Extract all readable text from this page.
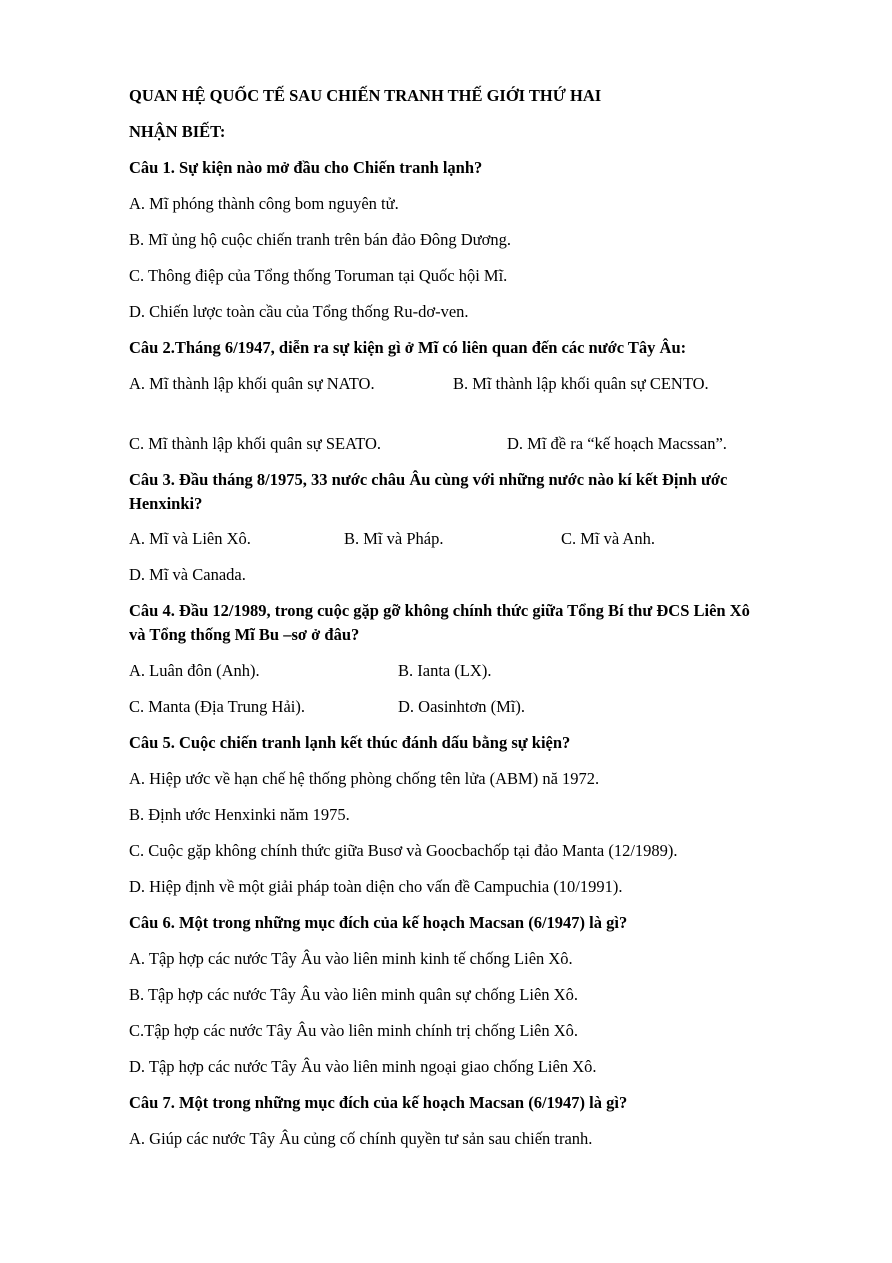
QUAN HỆ QUỐC TẾ SAU CHIẾN TRANH THẾ GIỚI THỨ HAI
NHẬN BIẾT:
Câu 1. Sự kiện nào mở đầu cho Chiến tranh lạnh?
A. Mĩ phóng thành công bom nguyên tử.
B. Mĩ ủng hộ cuộc chiến tranh trên bán đảo Đông Dương.
C. Thông điệp của Tổng thống Toruman tại Quốc hội Mĩ.
D. Chiến lược toàn cầu của Tổng thống Ru-dơ-ven.
Câu 2.Tháng 6/1947, diễn ra sự kiện gì ở Mĩ có liên quan đến các nước Tây Âu:
A. Mĩ thành lập khối quân sự NATO.	B. Mĩ thành lập khối quân sự CENTO.
C. Mĩ thành lập khối quân sự SEATO.	D. Mĩ đề ra “kế hoạch Macssan”.
Câu 3. Đầu tháng 8/1975, 33 nước châu Âu cùng với những nước nào kí kết Định ước
Henxinki?
A. Mĩ và Liên Xô.	B. Mĩ và Pháp.	C. Mĩ và Anh.
D. Mĩ và Canada.
Câu 4. Đầu 12/1989, trong cuộc gặp gỡ không chính thức giữa Tổng Bí thư ĐCS Liên Xô
và Tổng thống Mĩ Bu –sơ ở đâu?
A. Luân đôn (Anh).	B. Ianta (LX).
C. Manta (Địa Trung Hải).	D. Oasinhtơn (Mĩ).
Câu 5. Cuộc chiến tranh lạnh kết thúc đánh dấu bằng sự kiện?
A. Hiệp ước về hạn chế hệ thống phòng chống tên lửa (ABM) nă 1972.
B. Định ước Henxinki năm 1975.
C. Cuộc gặp không chính thức giữa Busơ và Goocbachốp tại đảo Manta (12/1989).
D. Hiệp định về một giải pháp toàn diện cho vấn đề Campuchia (10/1991).
Câu 6. Một trong những mục đích của kế hoạch Macsan (6/1947) là gì?
A. Tập hợp các nước Tây Âu vào liên minh kinh tế chống Liên Xô.
B. Tập hợp các nước Tây Âu vào liên minh quân sự chống Liên Xô.
C.Tập hợp các nước Tây Âu vào liên minh chính trị chống Liên Xô.
D. Tập hợp các nước Tây Âu vào liên minh ngoại giao chống Liên Xô.
Câu 7. Một trong những mục đích của kế hoạch Macsan (6/1947) là gì?
A. Giúp các nước Tây Âu củng cố chính quyền tư sản sau chiến tranh.
